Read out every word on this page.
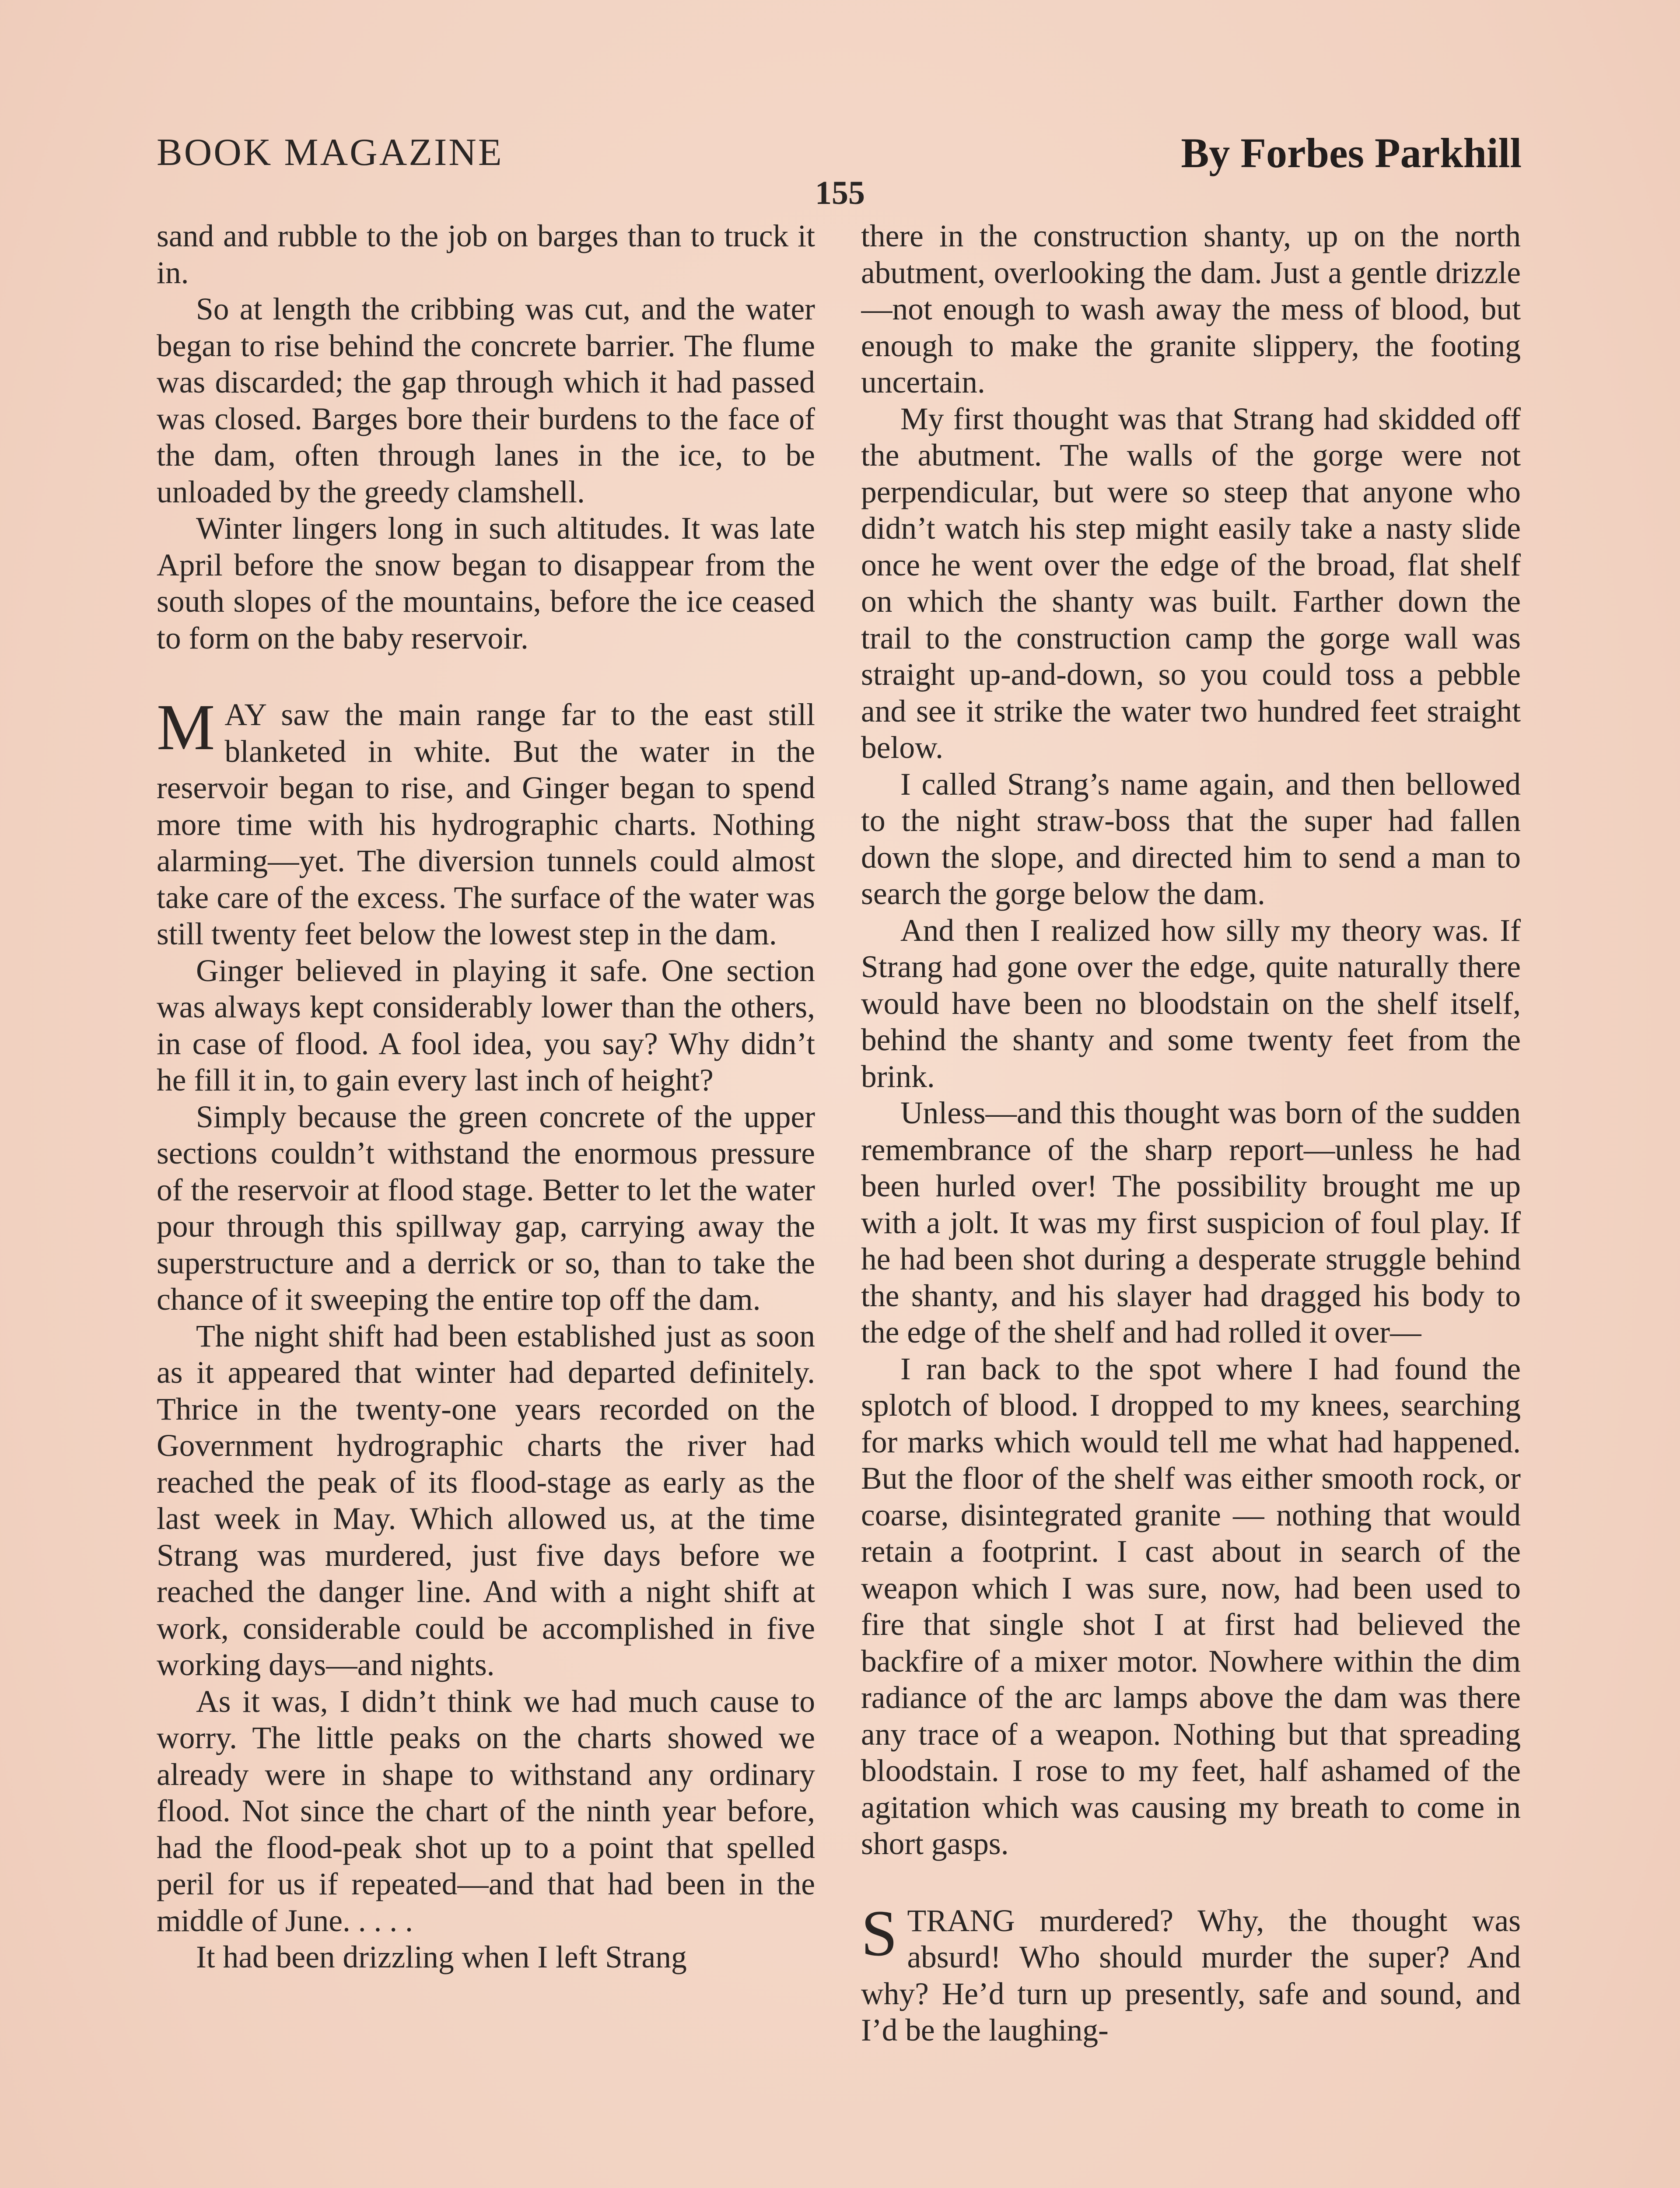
BOOK MAGAZINE	By Forbes Parkhill
155

sand and rubble to the job on barges than to truck it in.

So at length the cribbing was cut, and the water began to rise behind the concrete barrier. The flume was discarded; the gap through which it had passed was closed. Barges bore their burdens to the face of the dam, often through lanes in the ice, to be unloaded by the greedy clamshell.

Winter lingers long in such altitudes. It was late April before the snow began to disappear from the south slopes of the mountains, before the ice ceased to form on the baby reservoir.

MAY saw the main range far to the east still blanketed in white. But the water in the reservoir began to rise, and Ginger began to spend more time with his hydrographic charts. Nothing alarming—yet. The diversion tunnels could almost take care of the excess. The surface of the water was still twenty feet below the lowest step in the dam.

Ginger believed in playing it safe. One section was always kept considerably lower than the others, in case of flood. A fool idea, you say? Why didn’t he fill it in, to gain every last inch of height?

Simply because the green concrete of the upper sections couldn’t withstand the enormous pressure of the reservoir at flood stage. Better to let the water pour through this spillway gap, carrying away the superstructure and a derrick or so, than to take the chance of it sweeping the entire top off the dam.

The night shift had been established just as soon as it appeared that winter had departed definitely. Thrice in the twenty-one years recorded on the Government hydrographic charts the river had reached the peak of its flood-stage as early as the last week in May. Which allowed us, at the time Strang was murdered, just five days before we reached the danger line. And with a night shift at work, considerable could be accomplished in five working days—and nights.

As it was, I didn’t think we had much cause to worry. The little peaks on the charts showed we already were in shape to withstand any ordinary flood. Not since the chart of the ninth year before, had the flood-peak shot up to a point that spelled peril for us if repeated—and that had been in the middle of June. . . . .

It had been drizzling when I left Strang

there in the construction shanty, up on the north abutment, overlooking the dam. Just a gentle drizzle—not enough to wash away the mess of blood, but enough to make the granite slippery, the footing uncertain.

My first thought was that Strang had skidded off the abutment. The walls of the gorge were not perpendicular, but were so steep that anyone who didn’t watch his step might easily take a nasty slide once he went over the edge of the broad, flat shelf on which the shanty was built. Farther down the trail to the construction camp the gorge wall was straight up-and-down, so you could toss a pebble and see it strike the water two hundred feet straight below.

I called Strang’s name again, and then bellowed to the night straw-boss that the super had fallen down the slope, and directed him to send a man to search the gorge below the dam.

And then I realized how silly my theory was. If Strang had gone over the edge, quite naturally there would have been no bloodstain on the shelf itself, behind the shanty and some twenty feet from the brink.

Unless—and this thought was born of the sudden remembrance of the sharp report—unless he had been hurled over! The possibility brought me up with a jolt. It was my first suspicion of foul play. If he had been shot during a desperate struggle behind the shanty, and his slayer had dragged his body to the edge of the shelf and had rolled it over—

I ran back to the spot where I had found the splotch of blood. I dropped to my knees, searching for marks which would tell me what had happened. But the floor of the shelf was either smooth rock, or coarse, disintegrated granite — nothing that would retain a footprint. I cast about in search of the weapon which I was sure, now, had been used to fire that single shot I at first had believed the backfire of a mixer motor. Nowhere within the dim radiance of the arc lamps above the dam was there any trace of a weapon. Nothing but that spreading bloodstain. I rose to my feet, half ashamed of the agitation which was causing my breath to come in short gasps.

STRANG murdered? Why, the thought was absurd! Who should murder the super? And why? He’d turn up presently, safe and sound, and I’d be the laughing-
